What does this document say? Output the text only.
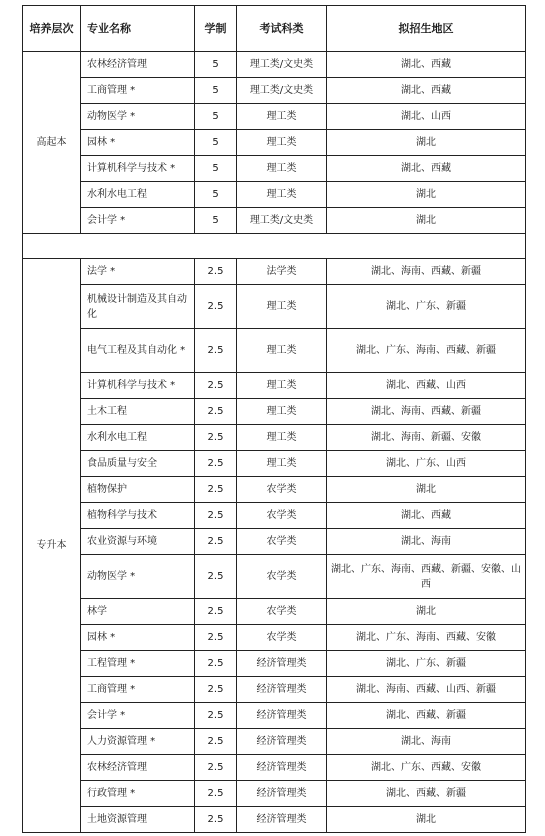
培养层次	专业名称	学制	考试科类	拟招生地区
高起本	农林经济管理	5	理工类/文史类	湖北、西藏
	工商管理 *	5	理工类/文史类	湖北、西藏
	动物医学 *	5	理工类	湖北、山西
	园林 *	5	理工类	湖北
	计算机科学与技术 *	5	理工类	湖北、西藏
	水利水电工程	5	理工类	湖北
	会计学 *	5	理工类/文史类	湖北

专升本	法学 *	2.5	法学类	湖北、海南、西藏、新疆
	机械设计制造及其自动化	2.5	理工类	湖北、广东、新疆
	电气工程及其自动化 *	2.5	理工类	湖北、广东、海南、西藏、新疆
	计算机科学与技术 *	2.5	理工类	湖北、西藏、山西
	土木工程	2.5	理工类	湖北、海南、西藏、新疆
	水利水电工程	2.5	理工类	湖北、海南、新疆、安徽
	食品质量与安全	2.5	理工类	湖北、广东、山西
	植物保护	2.5	农学类	湖北
	植物科学与技术	2.5	农学类	湖北、西藏
	农业资源与环境	2.5	农学类	湖北、海南
	动物医学 *	2.5	农学类	湖北、广东、海南、西藏、新疆、安徽、山西
	林学	2.5	农学类	湖北
	园林 *	2.5	农学类	湖北、广东、海南、西藏、安徽
	工程管理 *	2.5	经济管理类	湖北、广东、新疆
	工商管理 *	2.5	经济管理类	湖北、海南、西藏、山西、新疆
	会计学 *	2.5	经济管理类	湖北、西藏、新疆
	人力资源管理 *	2.5	经济管理类	湖北、海南
	农林经济管理	2.5	经济管理类	湖北、广东、西藏、安徽
	行政管理 *	2.5	经济管理类	湖北、西藏、新疆
	土地资源管理	2.5	经济管理类	湖北
